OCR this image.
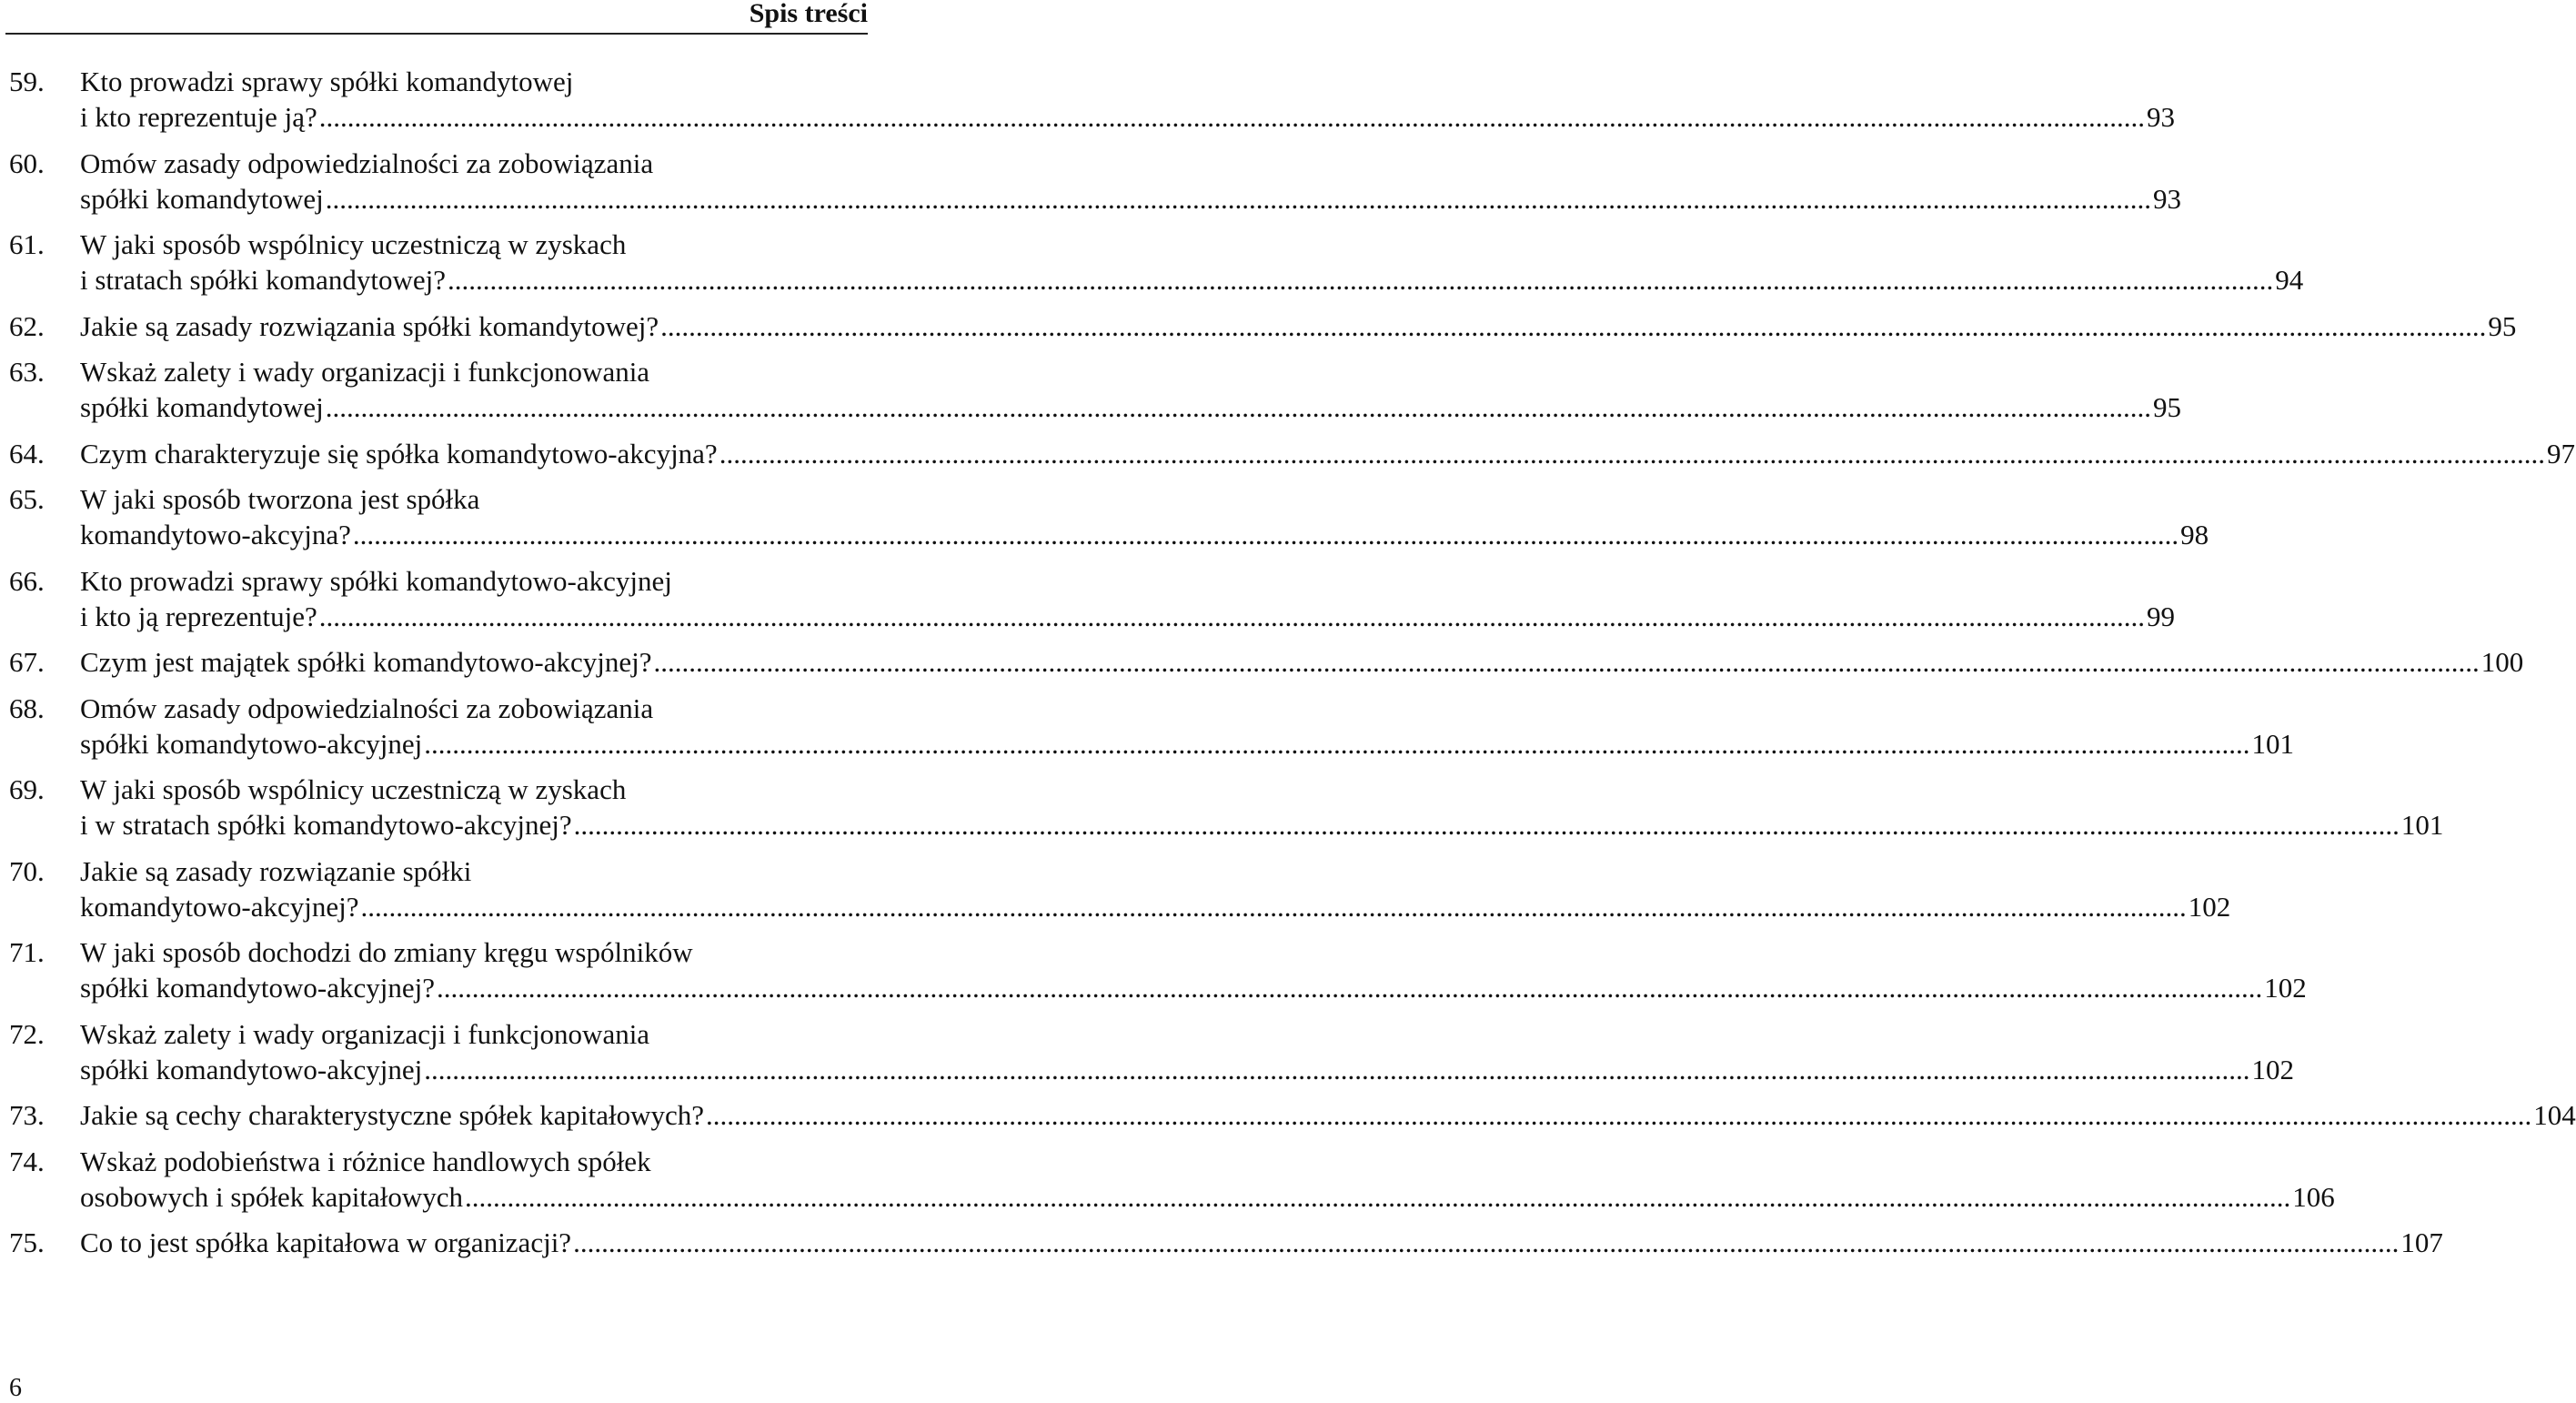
Spis treści
59. Kto prowadzi sprawy spółki komandytowej
i kto reprezentuje ją? ................................................................................................................................................................................................................................................................... 93
60. Omów zasady odpowiedzialności za zobowiązania
spółki komandytowej ................................................................................................................................................................................................................................................................... 93
61. W jaki sposób wspólnicy uczestniczą w zyskach
i stratach spółki komandytowej? ................................................................................................................................................................................................................................................................... 94
62. Jakie są zasady rozwiązania spółki komandytowej? ................................................................................................................................................................................................................................................................... 95
63. Wskaż zalety i wady organizacji i funkcjonowania
spółki komandytowej ................................................................................................................................................................................................................................................................... 95
64. Czym charakteryzuje się spółka komandytowo-akcyjna? ................................................................................................................................................................................................................................................................... 97
65. W jaki sposób tworzona jest spółka
komandytowo-akcyjna? ................................................................................................................................................................................................................................................................... 98
66. Kto prowadzi sprawy spółki komandytowo-akcyjnej
i kto ją reprezentuje? ................................................................................................................................................................................................................................................................... 99
67. Czym jest majątek spółki komandytowo-akcyjnej? ................................................................................................................................................................................................................................................................... 100
68. Omów zasady odpowiedzialności za zobowiązania
spółki komandytowo-akcyjnej ................................................................................................................................................................................................................................................................... 101
69. W jaki sposób wspólnicy uczestniczą w zyskach
i w stratach spółki komandytowo-akcyjnej? ................................................................................................................................................................................................................................................................... 101
70. Jakie są zasady rozwiązanie spółki
komandytowo-akcyjnej? ................................................................................................................................................................................................................................................................... 102
71. W jaki sposób dochodzi do zmiany kręgu wspólników
spółki komandytowo-akcyjnej? ................................................................................................................................................................................................................................................................... 102
72. Wskaż zalety i wady organizacji i funkcjonowania
spółki komandytowo-akcyjnej ................................................................................................................................................................................................................................................................... 102
73. Jakie są cechy charakterystyczne spółek kapitałowych? ................................................................................................................................................................................................................................................................... 104
74. Wskaż podobieństwa i różnice handlowych spółek
osobowych i spółek kapitałowych ................................................................................................................................................................................................................................................................... 106
75. Co to jest spółka kapitałowa w organizacji? ................................................................................................................................................................................................................................................................... 107
6
